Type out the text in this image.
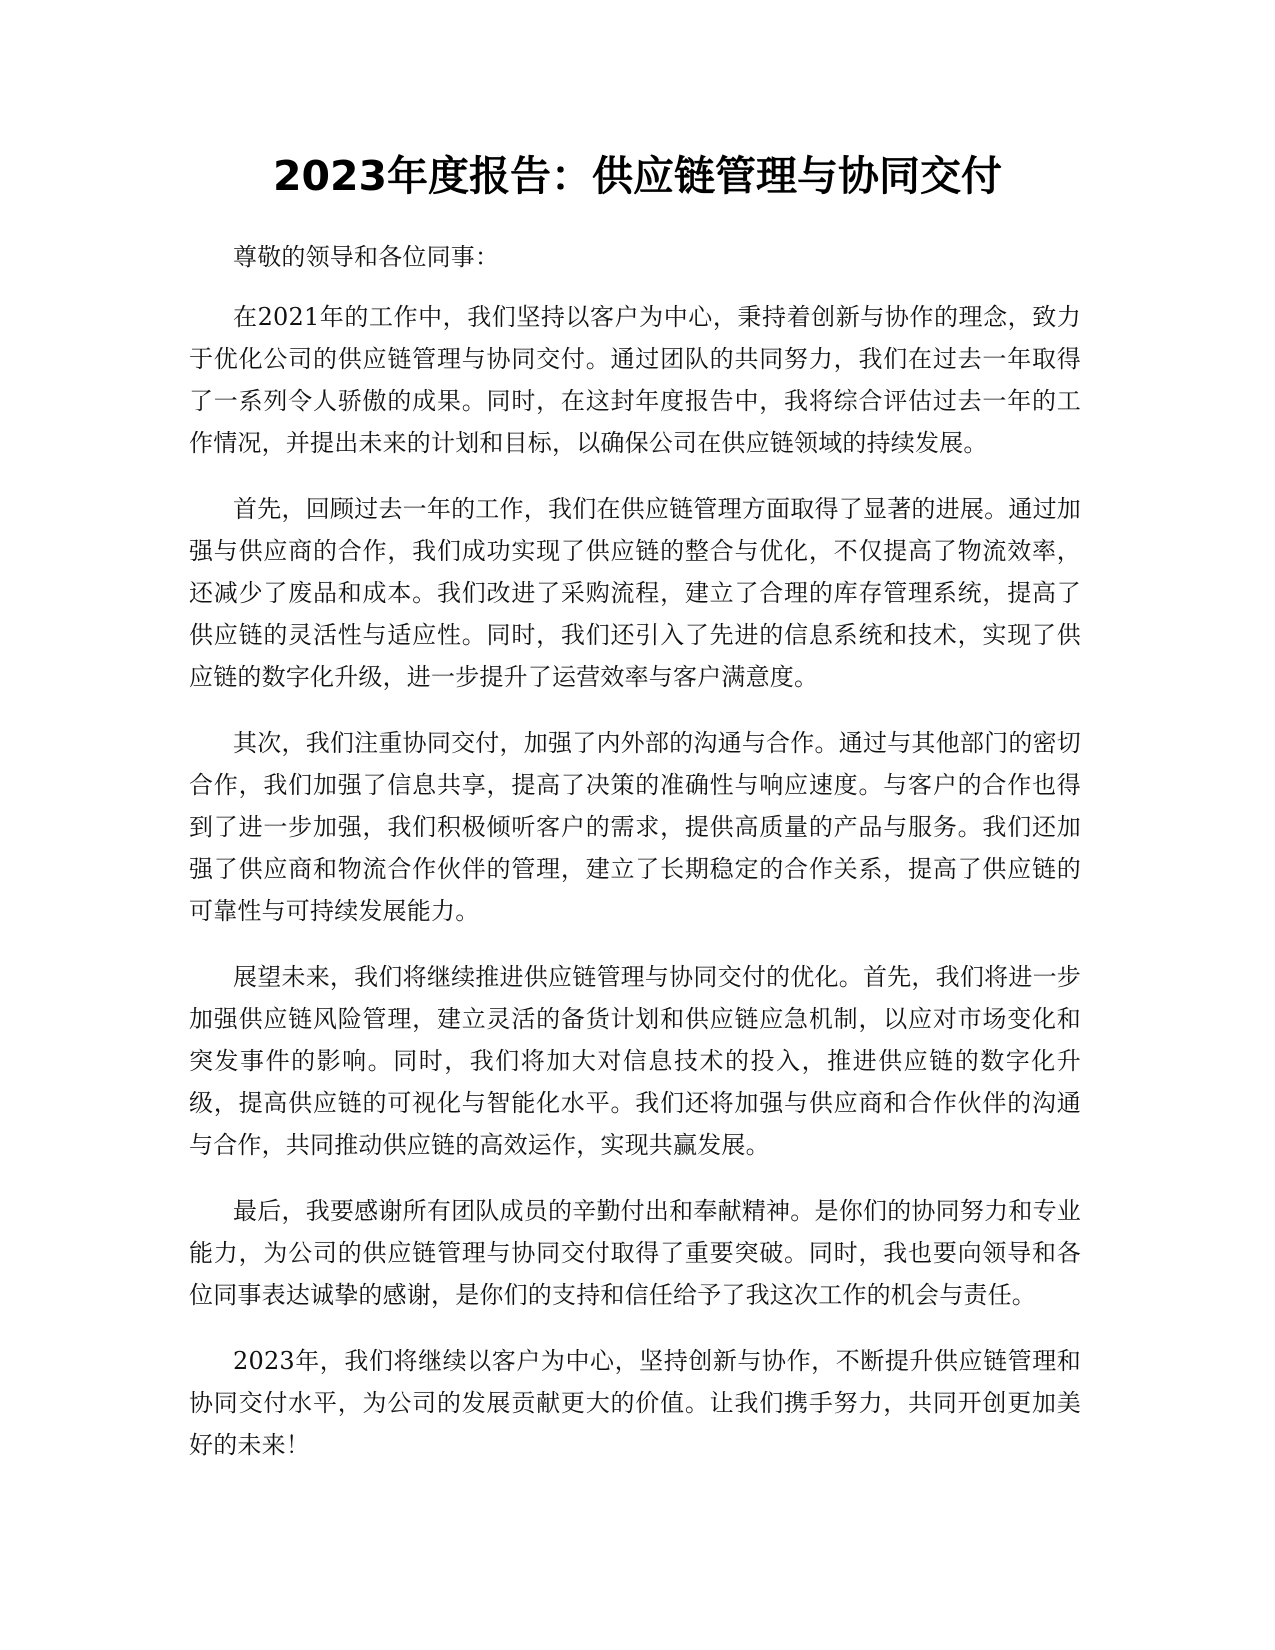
2023年度报告：供应链管理与协同交付

尊敬的领导和各位同事：

在2021年的工作中，我们坚持以客户为中心，秉持着创新与协作的理念，致力于优化公司的供应链管理与协同交付。通过团队的共同努力，我们在过去一年取得了一系列令人骄傲的成果。同时，在这封年度报告中，我将综合评估过去一年的工作情况，并提出未来的计划和目标，以确保公司在供应链领域的持续发展。

首先，回顾过去一年的工作，我们在供应链管理方面取得了显著的进展。通过加强与供应商的合作，我们成功实现了供应链的整合与优化，不仅提高了物流效率，还减少了废品和成本。我们改进了采购流程，建立了合理的库存管理系统，提高了供应链的灵活性与适应性。同时，我们还引入了先进的信息系统和技术，实现了供应链的数字化升级，进一步提升了运营效率与客户满意度。

其次，我们注重协同交付，加强了内外部的沟通与合作。通过与其他部门的密切合作，我们加强了信息共享，提高了决策的准确性与响应速度。与客户的合作也得到了进一步加强，我们积极倾听客户的需求，提供高质量的产品与服务。我们还加强了供应商和物流合作伙伴的管理，建立了长期稳定的合作关系，提高了供应链的可靠性与可持续发展能力。

展望未来，我们将继续推进供应链管理与协同交付的优化。首先，我们将进一步加强供应链风险管理，建立灵活的备货计划和供应链应急机制，以应对市场变化和突发事件的影响。同时，我们将加大对信息技术的投入，推进供应链的数字化升级，提高供应链的可视化与智能化水平。我们还将加强与供应商和合作伙伴的沟通与合作，共同推动供应链的高效运作，实现共赢发展。

最后，我要感谢所有团队成员的辛勤付出和奉献精神。是你们的协同努力和专业能力，为公司的供应链管理与协同交付取得了重要突破。同时，我也要向领导和各位同事表达诚挚的感谢，是你们的支持和信任给予了我这次工作的机会与责任。

2023年，我们将继续以客户为中心，坚持创新与协作，不断提升供应链管理和协同交付水平，为公司的发展贡献更大的价值。让我们携手努力，共同开创更加美好的未来！
